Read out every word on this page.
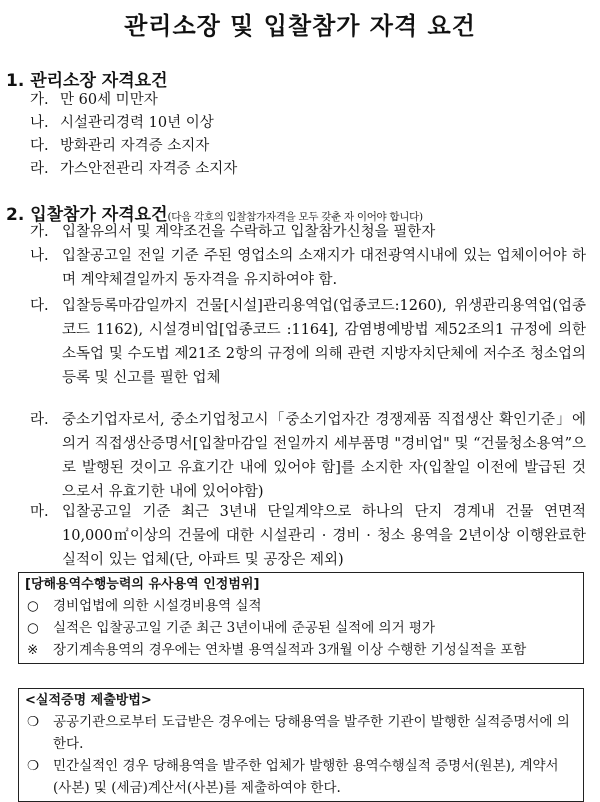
관리소장 및 입찰참가 자격 요건
1. 관리소장 자격요건
가. 만 60세 미만자
나. 시설관리경력 10년 이상
다. 방화관리 자격증 소지자
라. 가스안전관리 자격증 소지자
2. 입찰참가 자격요건(다음 각호의 입찰참가자격을 모두 갖춘 자 이어야 합니다)
가. 입찰유의서 및 계약조건을 수락하고 입찰참가신청을 필한자
나. 입찰공고일 전일 기준 주된 영업소의 소재지가 대전광역시내에 있는 업체이어야 하며 계약체결일까지 동자격을 유지하여야 함.
다. 입찰등록마감일까지 건물[시설]관리용역업(업종코드:1260), 위생관리용역업(업종코드 1162), 시설경비업[업종코드 :1164], 감염병예방법 제52조의1 규정에 의한 소독업 및 수도법 제21조 2항의 규정에 의해 관련 지방자치단체에 저수조 청소업의 등록 및 신고를 필한 업체
라. 중소기업자로서, 중소기업청고시「중소기업자간 경쟁제품 직접생산 확인기준」에 의거 직접생산증명서[입찰마감일 전일까지 세부품명 "경비업" 및 “건물청소용역”으로 발행된 것이고 유효기간 내에 있어야 함]를 소지한 자(입찰일 이전에 발급된 것으로서 유효기한 내에 있어야함)
마. 입찰공고일 기준 최근 3년내 단일계약으로 하나의 단지 경계내 건물 연면적 10,000㎡이상의 건물에 대한 시설관리 · 경비 · 청소 용역을 2년이상 이행완료한 실적이 있는 업체(단, 아파트 및 공장은 제외)
[당해용역수행능력의 유사용역 인정범위]
○	경비업법에 의한 시설경비용역 실적
○	실적은 입찰공고일 기준 최근 3년이내에 준공된 실적에 의거 평가
※	장기계속용역의 경우에는 연차별 용역실적과 3개월 이상 수행한 기성실적을 포함
<실적증명 제출방법>
❍	공공기관으로부터 도급받은 경우에는 당해용역을 발주한 기관이 발행한 실적증명서에 의한다.
❍	민간실적인 경우 당해용역을 발주한 업체가 발행한 용역수행실적 증명서(원본), 계약서(사본) 및 (세금)계산서(사본)를 제출하여야 한다.
